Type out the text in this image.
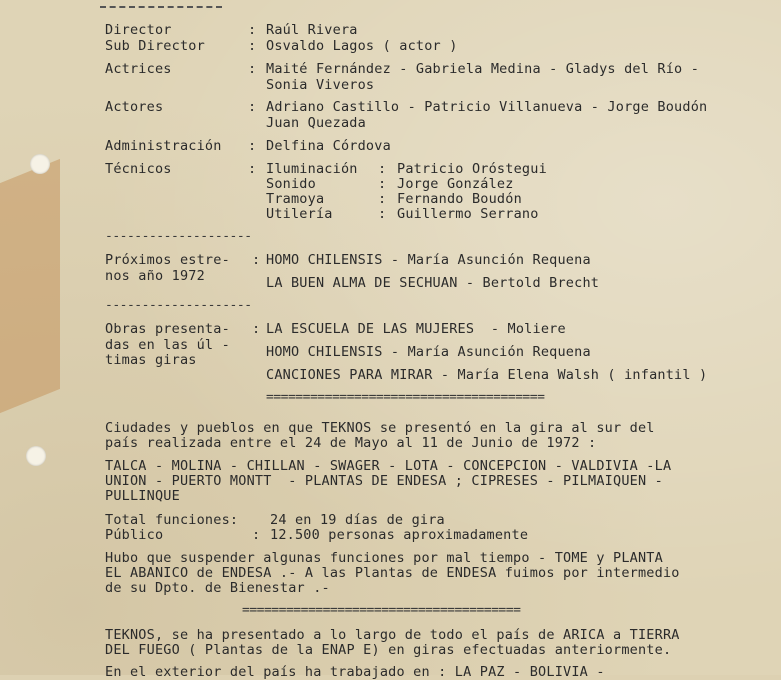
Director	: Raúl Rivera
Sub Director	: Osvaldo Lagos ( actor )
Actrices	: Maité Fernández - Gabriela Medina - Gladys del Río -
Sonia Viveros
Actores	: Adriano Castillo - Patricio Villanueva - Jorge Boudón
Juan Quezada
Administración : Delfina Córdova
Técnicos	: Iluminación : Patricio Oróstegui
Sonido	: Jorge González
Tramoya	: Fernando Boudón
Utilería	: Guillermo Serrano
--------------------
Próximos estre- :
nos año 1972
HOMO CHILENSIS - María Asunción Requena
LA BUEN ALMA DE SECHUAN - Bertold Brecht
--------------------
Obras presenta- :
das en las úl -
timas giras
LA ESCUELA DE LAS MUJERES  - Moliere
HOMO CHILENSIS - María Asunción Requena
CANCIONES PARA MIRAR - María Elena Walsh ( infantil )
======================================
Ciudades y pueblos en que TEKNOS se presentó en la gira al sur del
país realizada entre el 24 de Mayo al 11 de Junio de 1972 :
TALCA - MOLINA - CHILLAN - SWAGER - LOTA - CONCEPCION - VALDIVIA -LA
UNION - PUERTO MONTT  - PLANTAS DE ENDESA ; CIPRESES - PILMAIQUEN -
PULLINQUE
Total funciones: 24 en 19 días de gira
Público	: 12.500 personas aproximadamente
Hubo que suspender algunas funciones por mal tiempo - TOME y PLANTA
EL ABANICO de ENDESA .- A las Plantas de ENDESA fuimos por intermedio
de su Dpto. de Bienestar .-
======================================
TEKNOS, se ha presentado a lo largo de todo el país de ARICA a TIERRA
DEL FUEGO ( Plantas de la ENAP E) en giras efectuadas anteriormente.
En el exterior del país ha trabajado en : LA PAZ - BOLIVIA -
